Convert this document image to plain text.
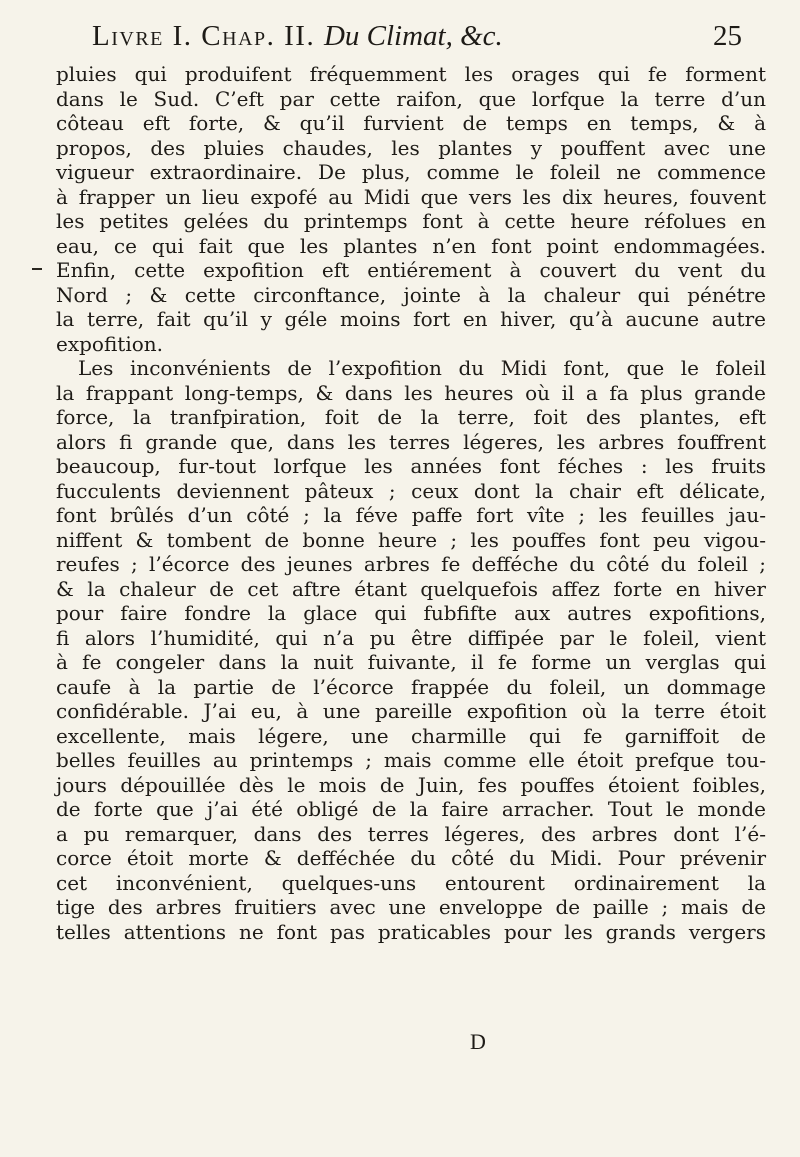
Livre I. Chap. II. Du Climat, &c.	25
pluies qui produifent fréquemment les orages qui fe forment
dans le Sud. C’eft par cette raifon, que lorfque la terre d’un
côteau eft forte, & qu’il furvient de temps en temps, & à
propos, des pluies chaudes, les plantes y pouffent avec une
vigueur extraordinaire. De plus, comme le foleil ne commence
à frapper un lieu expofé au Midi que vers les dix heures, fouvent
les petites gelées du printemps font à cette heure réfolues en
eau, ce qui fait que les plantes n’en font point endommagées.
Enfin, cette expofition eft entiérement à couvert du vent du
Nord ; & cette circonftance, jointe à la chaleur qui pénétre
la terre, fait qu’il y géle moins fort en hiver, qu’à aucune autre
expofition.
Les inconvénients de l’expofition du Midi font, que le foleil
la frappant long-temps, & dans les heures où il a fa plus grande
force, la tranfpiration, foit de la terre, foit des plantes, eft
alors fi grande que, dans les terres légeres, les arbres fouffrent
beaucoup, fur-tout lorfque les années font féches : les fruits
fucculents deviennent pâteux ; ceux dont la chair eft délicate,
font brûlés d’un côté ; la féve paffe fort vîte ; les feuilles jau-
niffent & tombent de bonne heure ; les pouffes font peu vigou-
reufes ; l’écorce des jeunes arbres fe defféche du côté du foleil ;
& la chaleur de cet aftre étant quelquefois affez forte en hiver
pour faire fondre la glace qui fubfifte aux autres expofitions,
fi alors l’humidité, qui n’a pu être diffipée par le foleil, vient
à fe congeler dans la nuit fuivante, il fe forme un verglas qui
caufe à la partie de l’écorce frappée du foleil, un dommage
confidérable. J’ai eu, à une pareille expofition où la terre étoit
excellente, mais légere, une charmille qui fe garniffoit de
belles feuilles au printemps ; mais comme elle étoit prefque tou-
jours dépouillée dès le mois de Juin, fes pouffes étoient foibles,
de forte que j’ai été obligé de la faire arracher. Tout le monde
a pu remarquer, dans des terres légeres, des arbres dont l’é-
corce étoit morte & defféchée du côté du Midi. Pour prévenir
cet inconvénient, quelques-uns entourent ordinairement la
tige des arbres fruitiers avec une enveloppe de paille ; mais de
telles attentions ne font pas praticables pour les grands vergers
D
